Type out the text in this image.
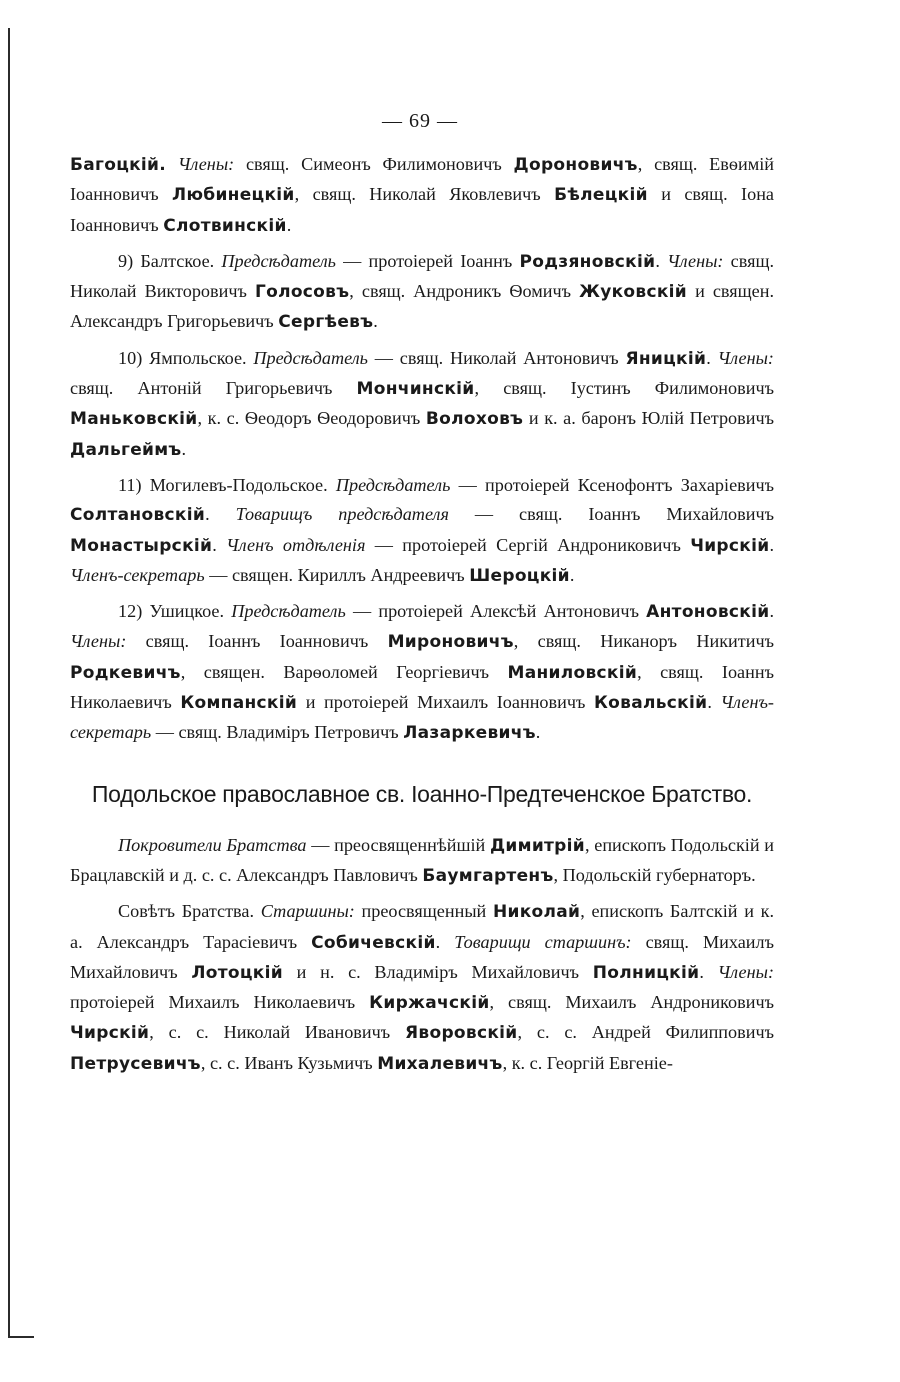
— 69 —
Багоцкій. Члены: свящ. Симеонъ Филимоновичъ Дороновичъ, свящ. Евѳимій Іоанновичъ Любинецкій, свящ. Николай Яковлевичъ Бѣлецкій и свящ. Іона Іоанновичъ Слотвинскій.
9) Балтское. Предсѣдатель — протоіерей Іоаннъ Родзяновскій. Члены: свящ. Николай Викторовичъ Голосовъ, свящ. Андроникъ Ѳомичъ Жуковскій и священ. Александръ Григорьевичъ Сергѣевъ.
10) Ямпольское. Предсѣдатель — свящ. Николай Антоновичъ Яницкій. Члены: свящ. Антоній Григорьевичъ Мончинскій, свящ. Іустинъ Филимоновичъ Маньковскій, к. с. Ѳеодоръ Ѳеодоровичъ Волоховъ и к. а. баронъ Юлій Петровичъ Дальгеймъ.
11) Могилевъ-Подольское. Предсѣдатель — протоіерей Ксенофонтъ Захаріевичъ Солтановскій. Товарищъ предсѣдателя — свящ. Іоаннъ Михайловичъ Монастырскій. Членъ отдѣленія — протоіерей Сергій Андрониковичъ Чирскій. Членъ-секретарь — священ. Кириллъ Андреевичъ Шероцкій.
12) Ушицкое. Предсѣдатель — протоіерей Алексѣй Антоновичъ Антоновскій. Члены: свящ. Іоаннъ Іоанновичъ Мироновичъ, свящ. Никаноръ Никитичъ Родкевичъ, священ. Варѳоломей Георгіевичъ Маниловскій, свящ. Іоаннъ Николаевичъ Компанскій и протоіерей Михаилъ Іоанновичъ Ковальскій. Членъ-секретарь — свящ. Владиміръ Петровичъ Лазаркевичъ.
Подольское православное св. Іоанно-Предтеченское Братство.
Покровители Братства — преосвященнѣйшій Димитрій, епископъ Подольскій и Брацлавскій и д. с. с. Александръ Павловичъ Баумгартенъ, Подольскій губернаторъ.
Совѣтъ Братства. Старшины: преосвященный Николай, епископъ Балтскій и к. а. Александръ Тарасіевичъ Собичевскій. Товарищи старшинъ: свящ. Михаилъ Михайловичъ Лотоцкій и н. с. Владиміръ Михайловичъ Полницкій. Члены: протоіерей Михаилъ Николаевичъ Киржачскій, свящ. Михаилъ Андрониковичъ Чирскій, с. с. Николай Ивановичъ Яворовскій, с. с. Андрей Филипповичъ Петрусевичъ, с. с. Иванъ Кузьмичъ Михалевичъ, к. с. Георгій Евгеніе-
